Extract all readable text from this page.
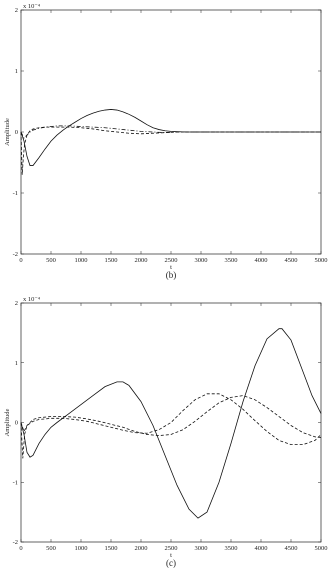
0	500	1000	1500	2000	2500	3000	3500	4000	4500	5000
-2
-1
0
1
2
x 10⁻⁴
t
Amplitude
(b)
0	500	1000	1500	2000	2500	3000	3500	4000	4500	5000
-2
-1
0
1
2
x 10⁻⁴
t
Amplitude
(c)
